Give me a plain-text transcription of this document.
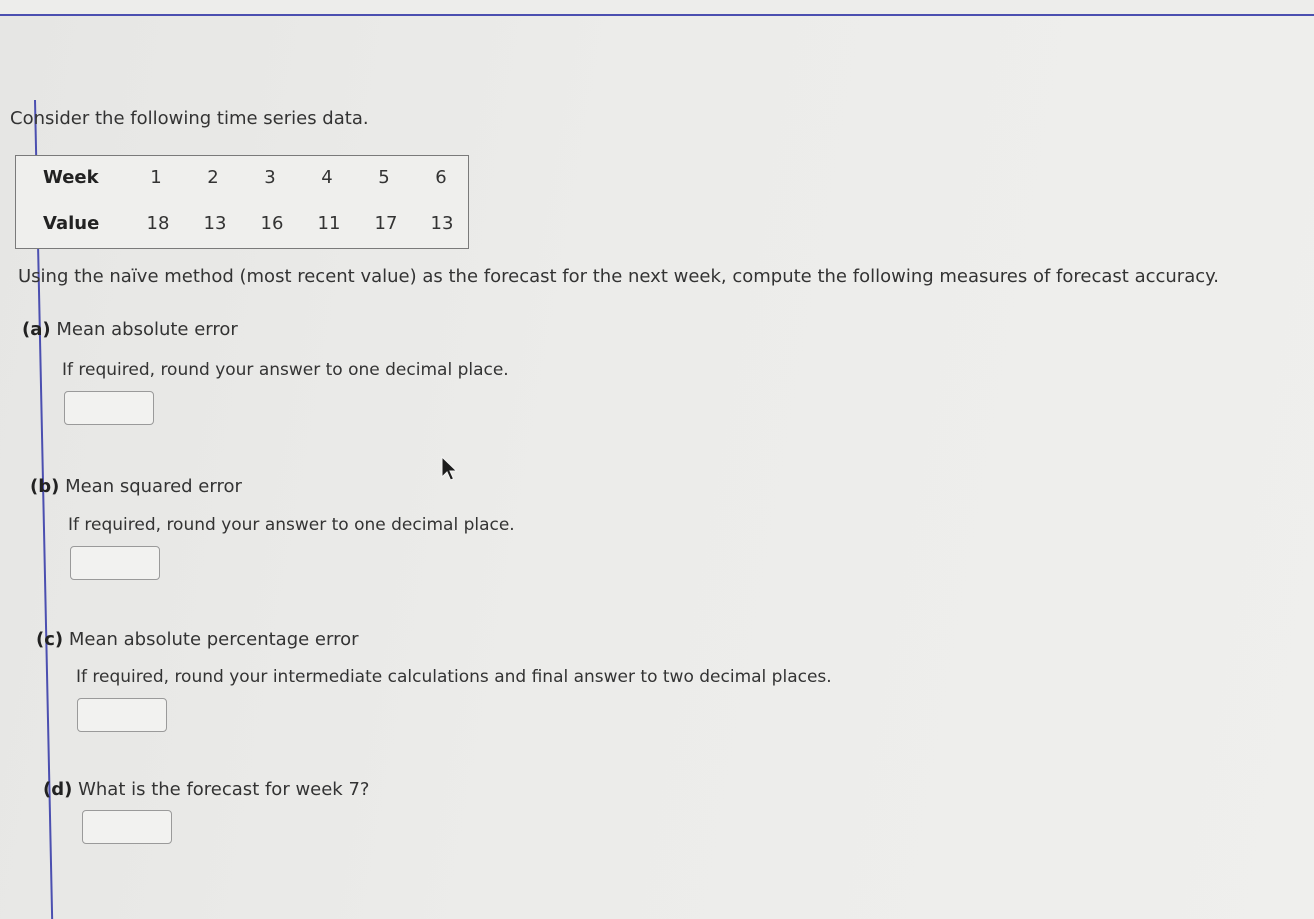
Consider the following time series data.
Week	1	2	3	4	5	6
Value	18	13	16	11	17	13
Using the naïve method (most recent value) as the forecast for the next week, compute the following measures of forecast accuracy.
(a) Mean absolute error
If required, round your answer to one decimal place.
(b) Mean squared error
If required, round your answer to one decimal place.
(c) Mean absolute percentage error
If required, round your intermediate calculations and final answer to two decimal places.
(d) What is the forecast for week 7?
